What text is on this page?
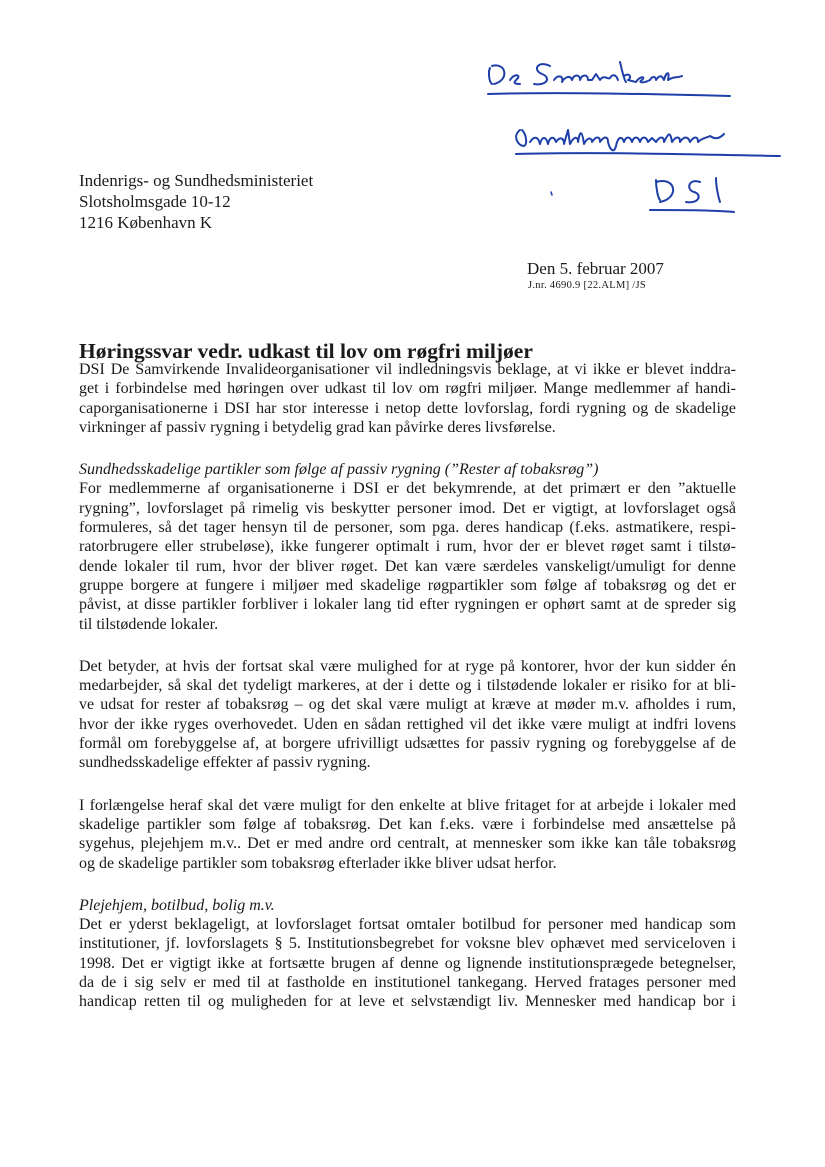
Indenrigs- og Sundhedsministeriet
Slotsholmsgade 10-12
1216 København K
Den 5. februar 2007
J.nr. 4690.9 [22.ALM] /JS
Høringssvar vedr. udkast til lov om røgfri miljøer

DSI De Samvirkende Invalideorganisationer vil indledningsvis beklage, at vi ikke er blevet inddra-

get i forbindelse med høringen over udkast til lov om røgfri miljøer. Mange medlemmer af handi-

caporganisationerne i DSI har stor interesse i netop dette lovforslag, fordi rygning og de skadelige

virkninger af passiv rygning i betydelig grad kan påvirke deres livsførelse.

Sundhedsskadelige partikler som følge af passiv rygning (”Rester af tobaksrøg”)

For medlemmerne af organisationerne i DSI er det bekymrende, at det primært er den ”aktuelle

rygning”, lovforslaget på rimelig vis beskytter personer imod. Det er vigtigt, at lovforslaget også

formuleres, så det tager hensyn til de personer, som pga. deres handicap (f.eks. astmatikere, respi-

ratorbrugere eller strubeløse), ikke fungerer optimalt i rum, hvor der er blevet røget samt i tilstø-

dende lokaler til rum, hvor der bliver røget. Det kan være særdeles vanskeligt/umuligt for denne

gruppe borgere at fungere i miljøer med skadelige røgpartikler som følge af tobaksrøg og det er

påvist, at disse partikler forbliver i lokaler lang tid efter rygningen er ophørt samt at de spreder sig

til tilstødende lokaler.

Det betyder, at hvis der fortsat skal være mulighed for at ryge på kontorer, hvor der kun sidder én

medarbejder, så skal det tydeligt markeres, at der i dette og i tilstødende lokaler er risiko for at bli-

ve udsat for rester af tobaksrøg – og det skal være muligt at kræve at møder m.v. afholdes i rum,

hvor der ikke ryges overhovedet. Uden en sådan rettighed vil det ikke være muligt at indfri lovens

formål om forebyggelse af, at borgere ufrivilligt udsættes for passiv rygning og forebyggelse af de

sundhedsskadelige effekter af passiv rygning.

I forlængelse heraf skal det være muligt for den enkelte at blive fritaget for at arbejde i lokaler med

skadelige partikler som følge af tobaksrøg. Det kan f.eks. være i forbindelse med ansættelse på

sygehus, plejehjem m.v.. Det er med andre ord centralt, at mennesker som ikke kan tåle tobaksrøg

og de skadelige partikler som tobaksrøg efterlader ikke bliver udsat herfor.

Plejehjem, botilbud, bolig m.v.

Det er yderst beklageligt, at lovforslaget fortsat omtaler botilbud for personer med handicap som

institutioner, jf. lovforslagets § 5. Institutionsbegrebet for voksne blev ophævet med serviceloven i

1998. Det er vigtigt ikke at fortsætte brugen af denne og lignende institutionsprægede betegnelser,

da de i sig selv er med til at fastholde en institutionel tankegang. Herved fratages personer med

handicap retten til og muligheden for at leve et selvstændigt liv. Mennesker med handicap bor i
